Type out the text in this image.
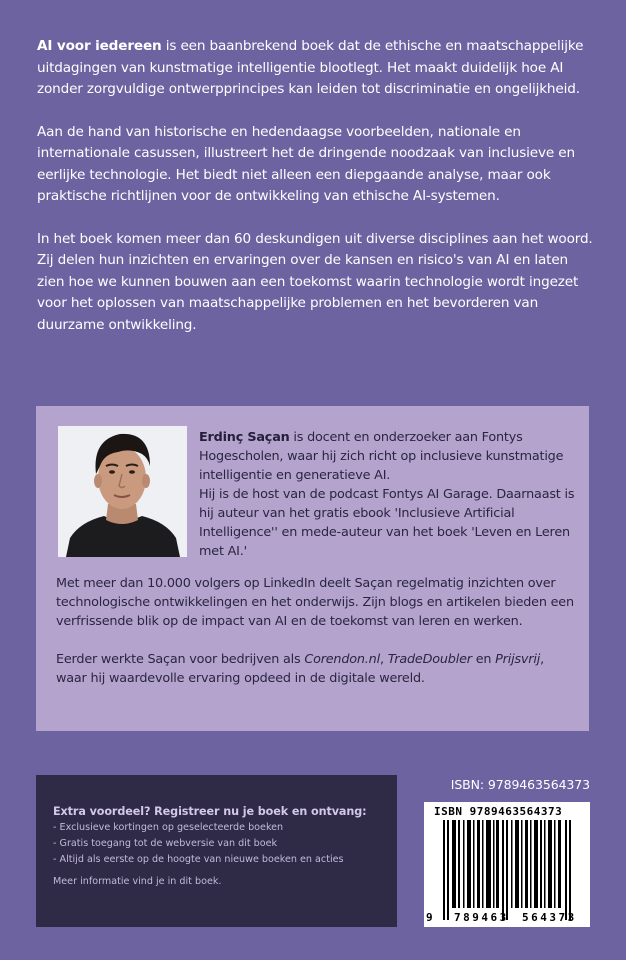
AI voor iedereen is een baanbrekend boek dat de ethische en maatschappelijke uitdagingen van kunstmatige intelligentie blootlegt. Het maakt duidelijk hoe AI zonder zorgvuldige ontwerpprincipes kan leiden tot discriminatie en ongelijkheid.

Aan de hand van historische en hedendaagse voorbeelden, nationale en internationale casussen, illustreert het de dringende noodzaak van inclusieve en eerlijke technologie. Het biedt niet alleen een diepgaande analyse, maar ook praktische richtlijnen voor de ontwikkeling van ethische AI-systemen.

In het boek komen meer dan 60 deskundigen uit diverse disciplines aan het woord. Zij delen hun inzichten en ervaringen over de kansen en risico's van AI en laten zien hoe we kunnen bouwen aan een toekomst waarin technologie wordt ingezet voor het oplossen van maatschappelijke problemen en het bevorderen van duurzame ontwikkeling.

Erdinç Saçan is docent en onderzoeker aan Fontys Hogescholen, waar hij zich richt op inclusieve kunstmatige intelligentie en generatieve AI.
Hij is de host van de podcast Fontys AI Garage. Daarnaast is hij auteur van het gratis ebook 'Inclusieve Artificial Intelligence'' en mede-auteur van het boek 'Leven en Leren met AI.'

Met meer dan 10.000 volgers op LinkedIn deelt Saçan regelmatig inzichten over technologische ontwikkelingen en het onderwijs. Zijn blogs en artikelen bieden een verfrissende blik op de impact van AI en de toekomst van leren en werken.

Eerder werkte Saçan voor bedrijven als Corendon.nl, TradeDoubler en Prijsvrij, waar hij waardevolle ervaring opdeed in de digitale wereld.

Extra voordeel? Registreer nu je boek en ontvang:
- Exclusieve kortingen op geselecteerde boeken
- Gratis toegang tot de webversie van dit boek
- Altijd als eerste op de hoogte van nieuwe boeken en acties
Meer informatie vind je in dit boek.
ISBN: 9789463564373
ISBN 9789463564373
9 789463 564373
